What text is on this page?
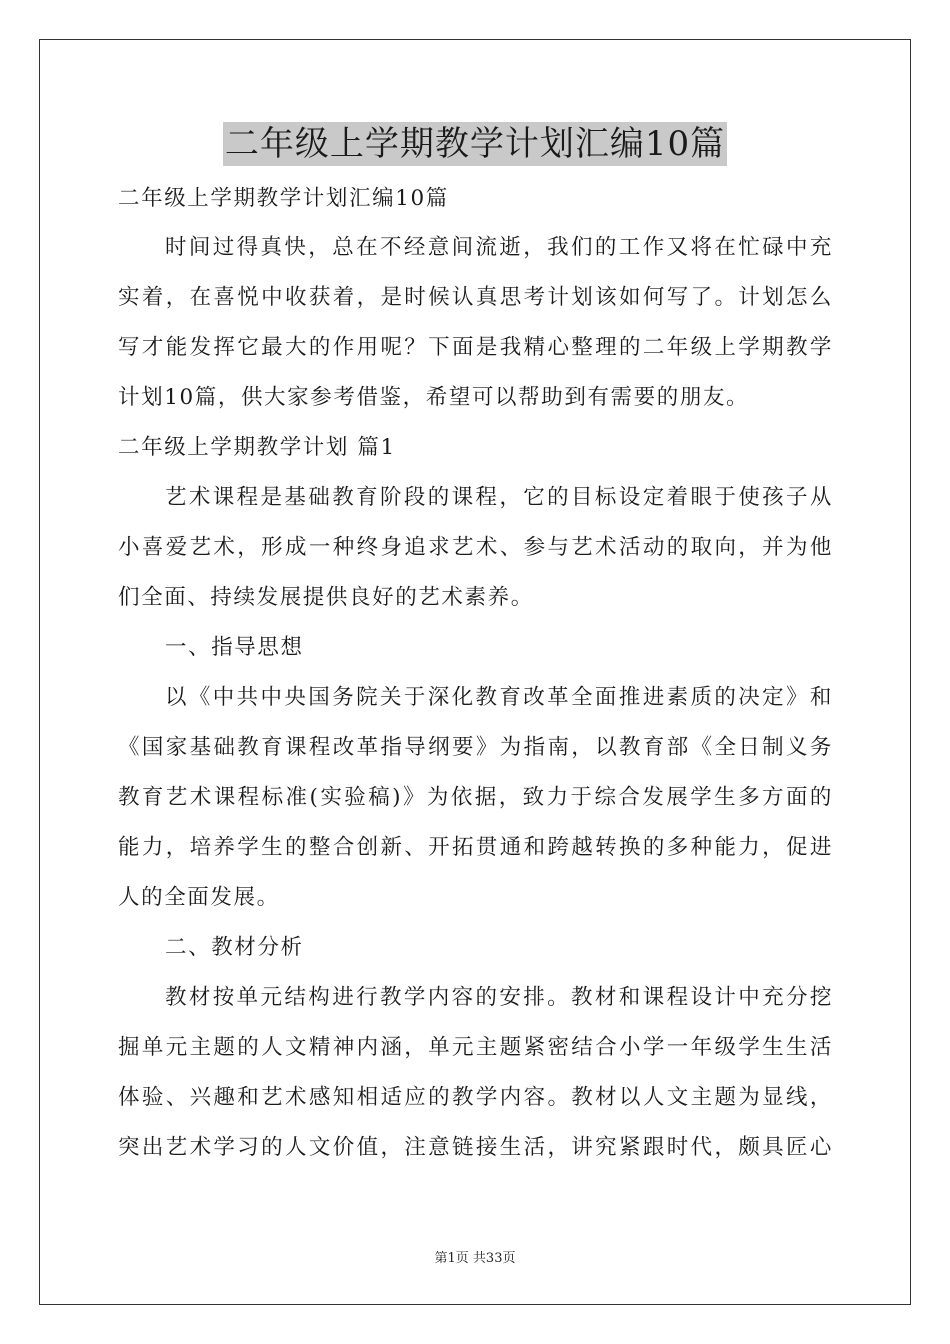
二年级上学期教学计划汇编10篇
二年级上学期教学计划汇编10篇
时间过得真快，总在不经意间流逝，我们的工作又将在忙碌中充
实着，在喜悦中收获着，是时候认真思考计划该如何写了。计划怎么
写才能发挥它最大的作用呢？下面是我精心整理的二年级上学期教学
计划10篇，供大家参考借鉴，希望可以帮助到有需要的朋友。
二年级上学期教学计划 篇1
艺术课程是基础教育阶段的课程，它的目标设定着眼于使孩子从
小喜爱艺术，形成一种终身追求艺术、参与艺术活动的取向，并为他
们全面、持续发展提供良好的艺术素养。
一、指导思想
以《中共中央国务院关于深化教育改革全面推进素质的决定》和
《国家基础教育课程改革指导纲要》为指南，以教育部《全日制义务
教育艺术课程标准(实验稿)》为依据，致力于综合发展学生多方面的
能力，培养学生的整合创新、开拓贯通和跨越转换的多种能力，促进
人的全面发展。
二、教材分析
教材按单元结构进行教学内容的安排。教材和课程设计中充分挖
掘单元主题的人文精神内涵，单元主题紧密结合小学一年级学生生活
体验、兴趣和艺术感知相适应的教学内容。教材以人文主题为显线，
突出艺术学习的人文价值，注意链接生活，讲究紧跟时代，颇具匠心
第1页 共33页
